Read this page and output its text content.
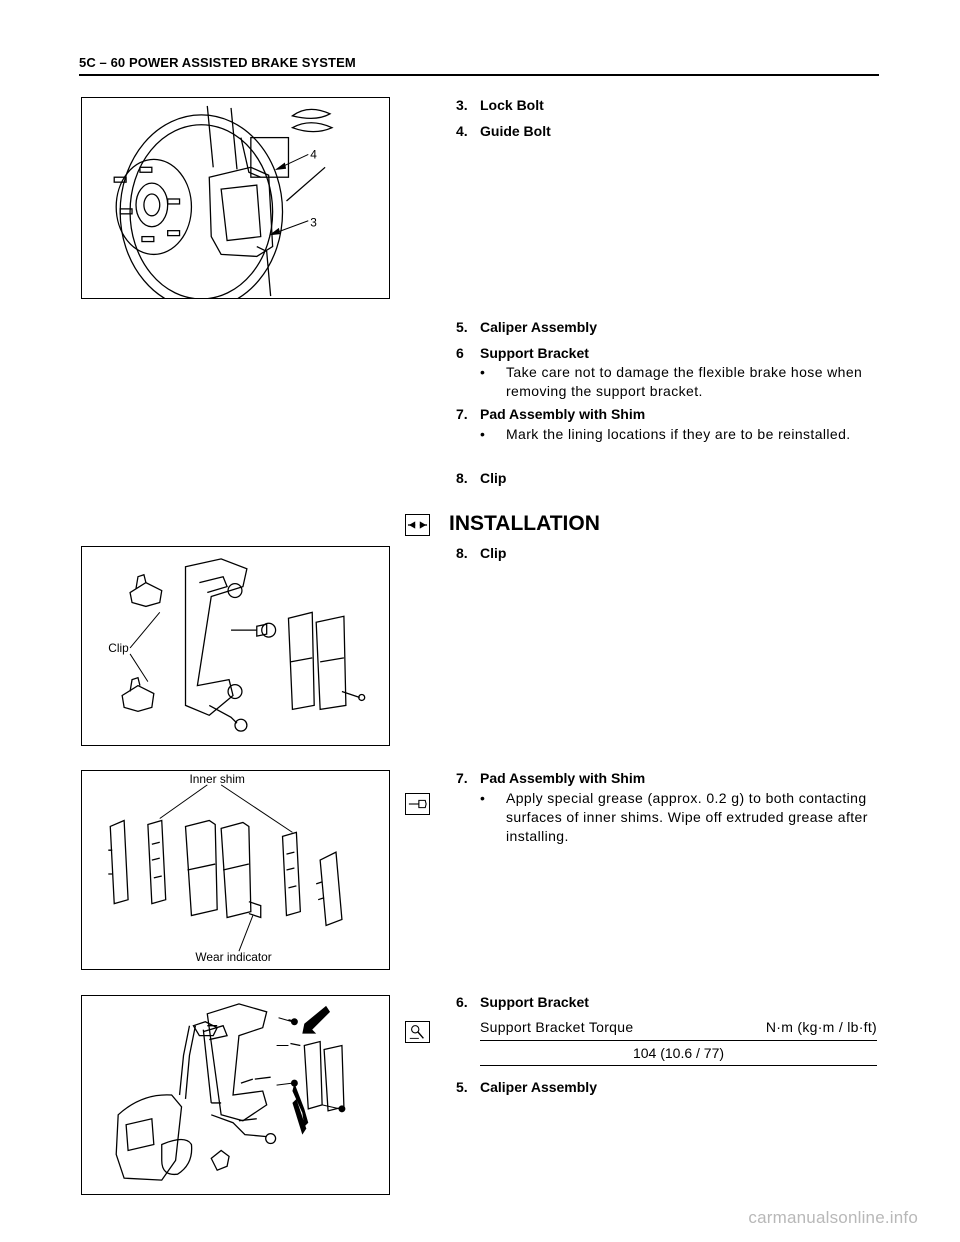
5C – 60 POWER ASSISTED BRAKE SYSTEM
4
3
3. Lock Bolt
4. Guide Bolt
5. Caliper Assembly
6 Support Bracket
• Take care not to damage the flexible brake hose when removing the support bracket.
7. Pad Assembly with Shim
• Mark the lining locations if they are to be reinstalled.
8. Clip
INSTALLATION
Clip
8. Clip
Inner shim
Wear indicator
7. Pad Assembly with Shim
• Apply special grease (approx. 0.2 g) to both contacting surfaces of inner shims. Wipe off extruded grease after installing.
6. Support Bracket
Support Bracket Torque	N·m (kg·m / lb·ft)
104 (10.6 / 77)
5. Caliper Assembly
carmanualsonline.info
